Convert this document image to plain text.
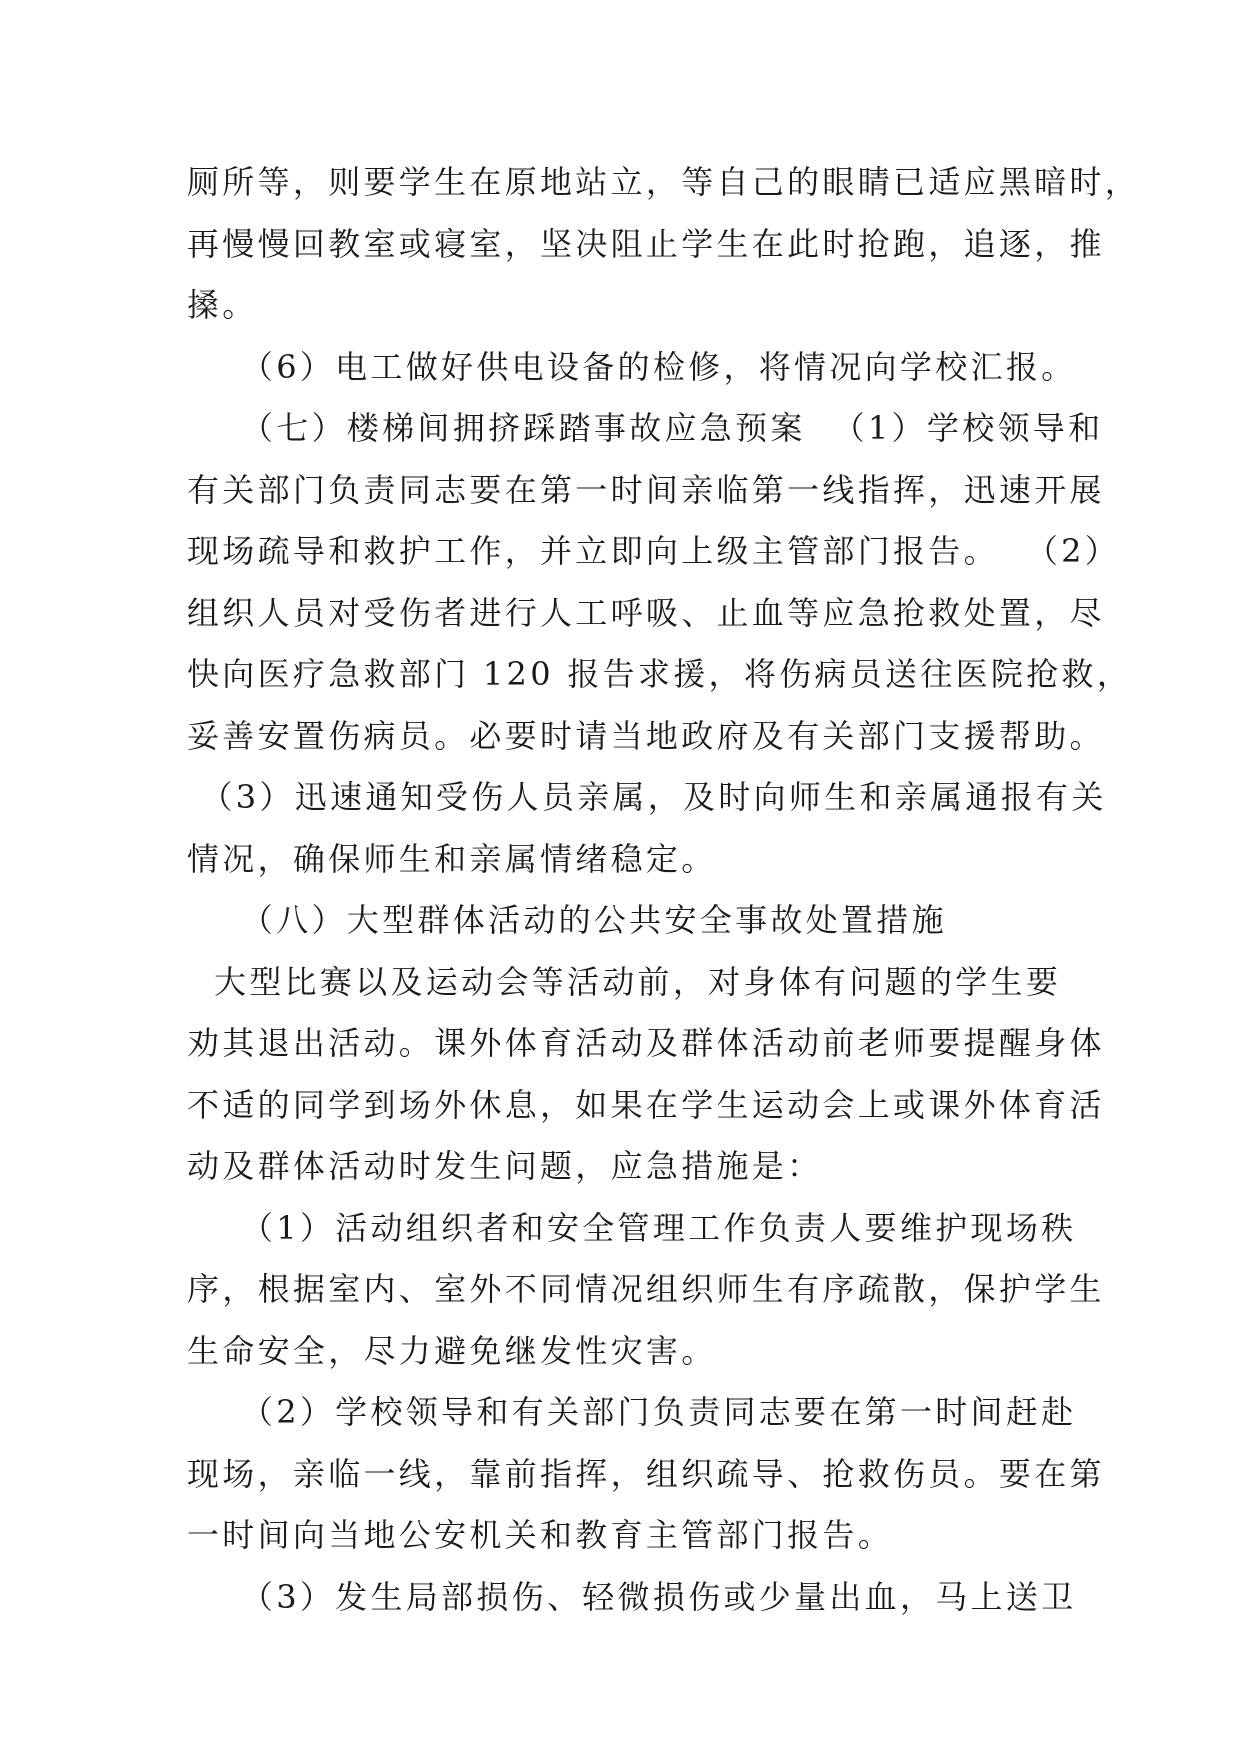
厕所等，则要学生在原地站立，等自己的眼睛已适应黑暗时，
再慢慢回教室或寝室，坚决阻止学生在此时抢跑，追逐，推
搡。
（6）电工做好供电设备的检修，将情况向学校汇报。
（七）楼梯间拥挤踩踏事故应急预案  （1）学校领导和
有关部门负责同志要在第一时间亲临第一线指挥，迅速开展
现场疏导和救护工作，并立即向上级主管部门报告。  （2）
组织人员对受伤者进行人工呼吸、止血等应急抢救处置，尽
快向医疗急救部门 120 报告求援，将伤病员送往医院抢救，
妥善安置伤病员。必要时请当地政府及有关部门支援帮助。
（3）迅速通知受伤人员亲属，及时向师生和亲属通报有关
情况，确保师生和亲属情绪稳定。
（八）大型群体活动的公共安全事故处置措施
大型比赛以及运动会等活动前，对身体有问题的学生要
劝其退出活动。课外体育活动及群体活动前老师要提醒身体
不适的同学到场外休息，如果在学生运动会上或课外体育活
动及群体活动时发生问题，应急措施是：
（1）活动组织者和安全管理工作负责人要维护现场秩
序，根据室内、室外不同情况组织师生有序疏散，保护学生
生命安全，尽力避免继发性灾害。
（2）学校领导和有关部门负责同志要在第一时间赶赴
现场，亲临一线，靠前指挥，组织疏导、抢救伤员。要在第
一时间向当地公安机关和教育主管部门报告。
（3）发生局部损伤、轻微损伤或少量出血，马上送卫
